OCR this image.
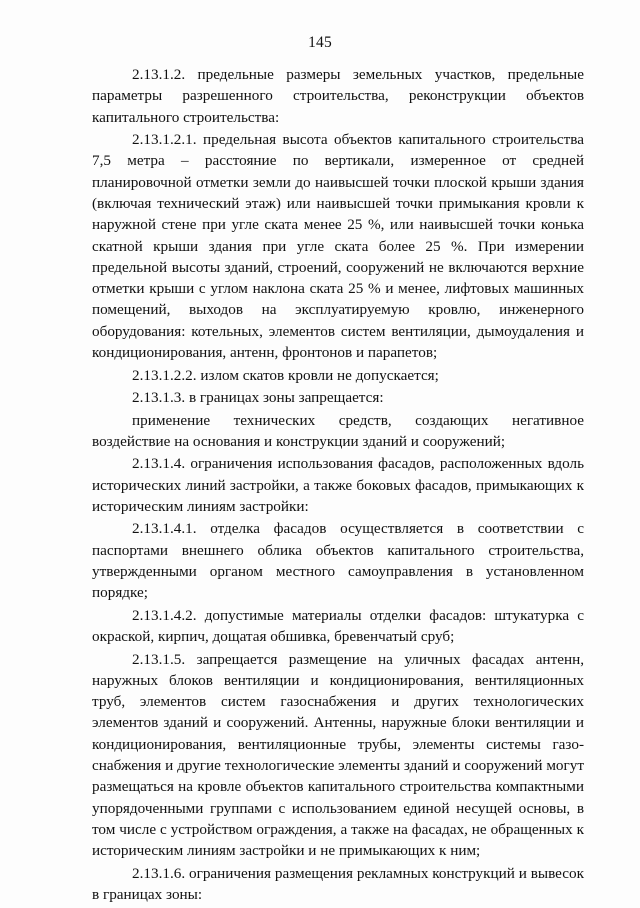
145

2.13.1.2. предельные размеры земельных участков, предельные параметры разрешенного строительства, реконструкции объектов капитального строительства:

2.13.1.2.1. предельная высота объектов капитального строительства 7,5 метра – расстояние по вертикали, измеренное от средней планировочной отметки земли до наивысшей точки плоской крыши здания (включая технический этаж) или наивысшей точки примыкания кровли к наружной стене при угле ската менее 25 %, или наивысшей точки конька скатной крыши здания при угле ската более 25 %. При измерении предельной высоты зданий, строений, сооружений не включаются верхние отметки крыши с углом наклона ската 25 % и менее, лифтовых машинных помещений, выходов на эксплуатируемую кровлю, инженерного оборудования: котельных, элементов систем вентиляции, дымоудаления и кондиционирования, антенн, фронтонов и парапетов;

2.13.1.2.2. излом скатов кровли не допускается;

2.13.1.3. в границах зоны запрещается:

применение технических средств, создающих негативное воздействие на основания и конструкции зданий и сооружений;

2.13.1.4. ограничения использования фасадов, расположенных вдоль исторических линий застройки, а также боковых фасадов, примыкающих к историческим линиям застройки:

2.13.1.4.1. отделка фасадов осуществляется в соответствии с паспортами внешнего облика объектов капитального строительства, утвержденными органом местного самоуправления в установленном порядке;

2.13.1.4.2. допустимые материалы отделки фасадов: штукатурка с окраской, кирпич, дощатая обшивка, бревенчатый сруб;

2.13.1.5. запрещается размещение на уличных фасадах антенн, наружных блоков вентиляции и кондиционирования, вентиляционных труб, элементов систем газоснабжения и других технологических элементов зданий и сооружений. Антенны, наружные блоки вентиляции и кондиционирования, вентиляционные трубы, элементы системы газоснабжения и другие технологические элементы зданий и сооружений могут размещаться на кровле объектов капитального строительства компактными упорядоченными группами с использованием единой несущей основы, в том числе с устройством ограждения, а также на фасадах, не обращенных к историческим линиям застройки и не примыкающих к ним;

2.13.1.6. ограничения размещения рекламных конструкций и вывесок в границах зоны:
